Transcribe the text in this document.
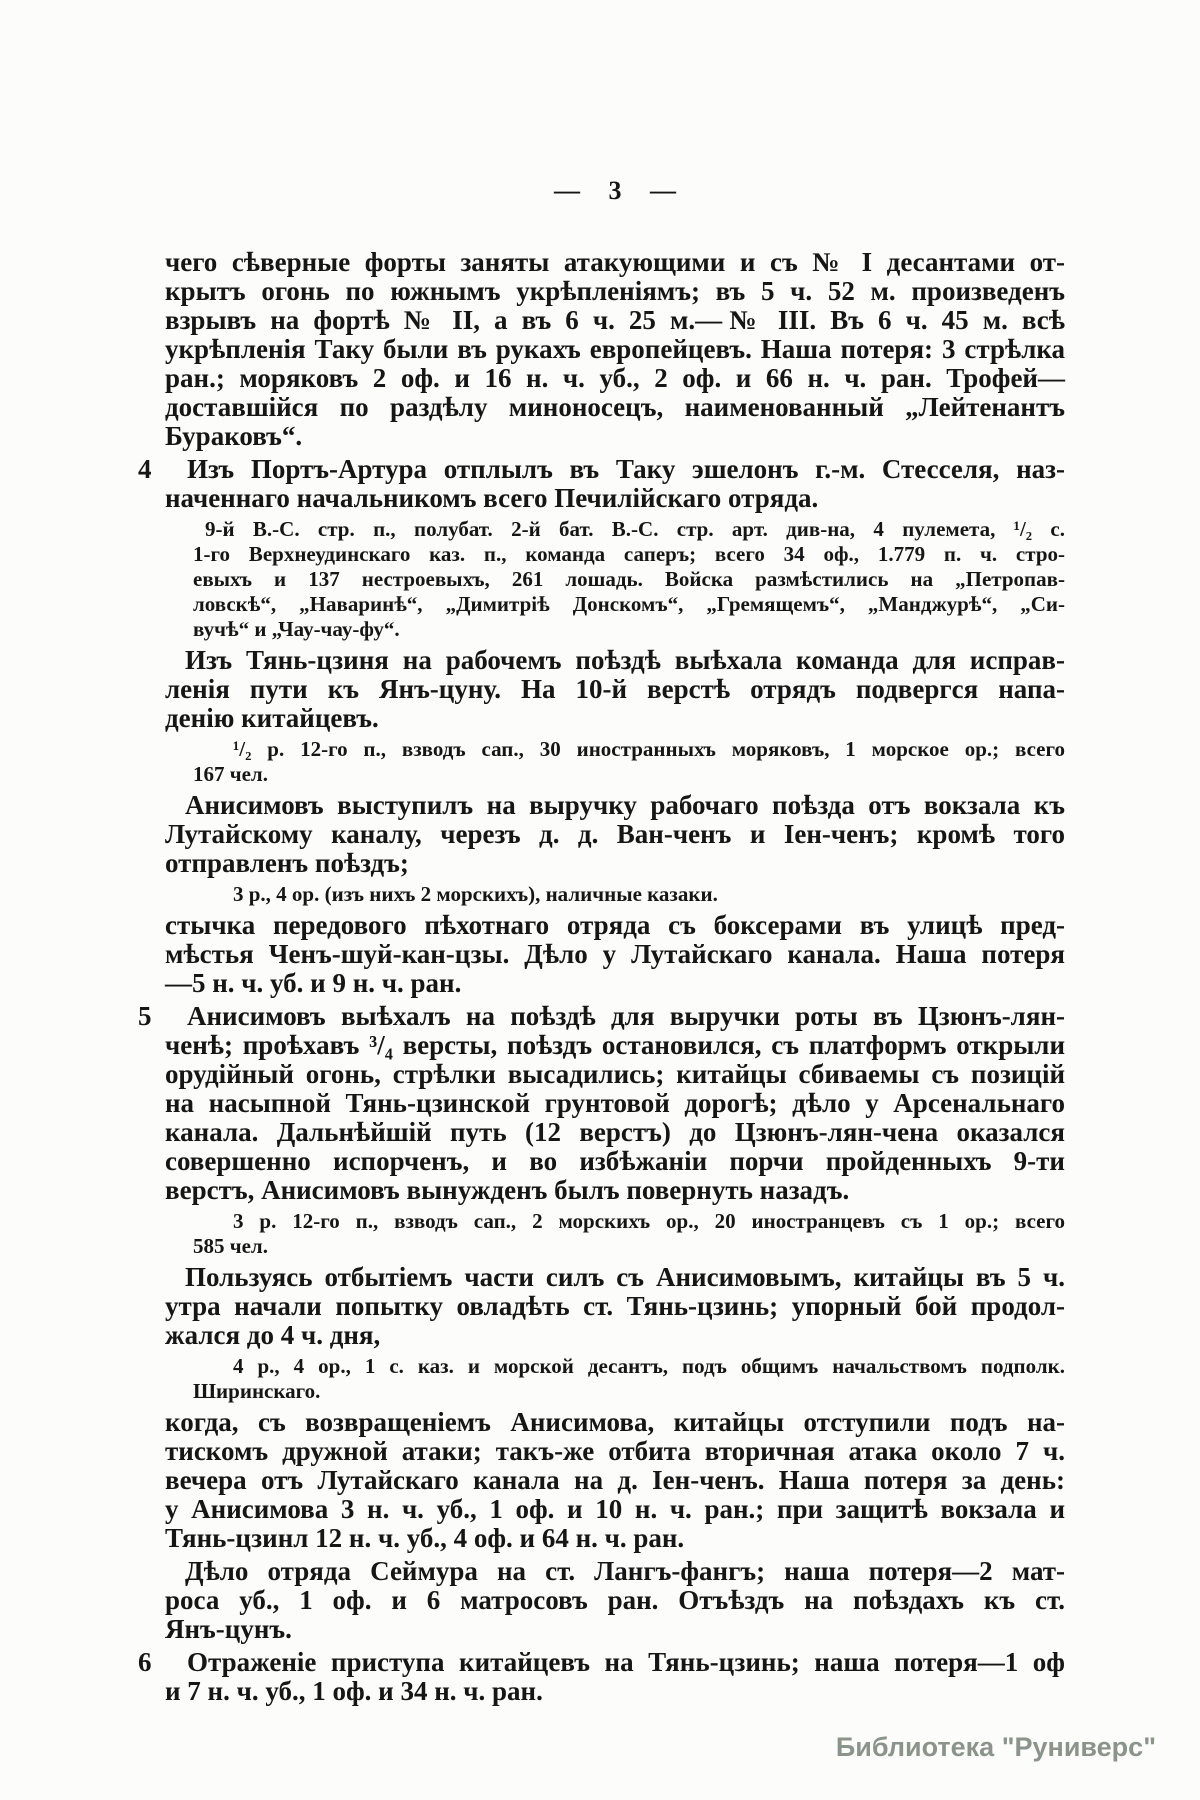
— 3 —
чего сѣверные форты заняты атакующими и съ № I десантами от-
крытъ огонь по южнымъ укрѣпленіямъ; въ 5 ч. 52 м. произведенъ
взрывъ на фортѣ № II, а въ 6 ч. 25 м.—№ III. Въ 6 ч. 45 м. всѣ
укрѣпленія Таку были въ рукахъ европейцевъ. Наша потеря: 3 стрѣлка
ран.; моряковъ 2 оф. и 16 н. ч. уб., 2 оф. и 66 н. ч. ран. Трофей—
доставшійся по раздѣлу миноносецъ, наименованный „Лейтенантъ
Бураковъ“.
4 Изъ Портъ-Артура отплылъ въ Таку эшелонъ г.-м. Стесселя, наз-
наченнаго начальникомъ всего Печилійскаго отряда.
9-й В.-С. стр. п., полубат. 2-й бат. В.-С. стр. арт. див-на, 4 пулемета, ¹/₂ с.
1-го Верхнеудинскаго каз. п., команда саперъ; всего 34 оф., 1.779 п. ч. стро-
евыхъ и 137 нестроевыхъ, 261 лошадь. Войска размѣстились на „Петропав-
ловскѣ“, „Наваринѣ“, „Димитріѣ Донскомъ“, „Гремящемъ“, „Манджурѣ“, „Си-
вучѣ“ и „Чау-чау-фу“.
Изъ Тянь-цзиня на рабочемъ поѣздѣ выѣхала команда для исправ-
ленія пути къ Янъ-цуну. На 10-й верстѣ отрядъ подвергся напа-
денію китайцевъ.
¹/₂ р. 12-го п., взводъ сап., 30 иностранныхъ моряковъ, 1 морское ор.; всего
167 чел.
Анисимовъ выступилъ на выручку рабочаго поѣзда отъ вокзала къ
Лутайскому каналу, черезъ д. д. Ван-ченъ и Іен-ченъ; кромѣ того
отправленъ поѣздъ;
3 р., 4 ор. (изъ нихъ 2 морскихъ), наличные казаки.
стычка передового пѣхотнаго отряда съ боксерами въ улицѣ пред-
мѣстья Ченъ-шуй-кан-цзы. Дѣло у Лутайскаго канала. Наша потеря
—5 н. ч. уб. и 9 н. ч. ран.
5 Анисимовъ выѣхалъ на поѣздѣ для выручки роты въ Цзюнъ-лян-
ченѣ; проѣхавъ ³/₄ версты, поѣздъ остановился, съ платформъ открыли
орудійный огонь, стрѣлки высадились; китайцы сбиваемы съ позицій
на насыпной Тянь-цзинской грунтовой дорогѣ; дѣло у Арсенальнаго
канала. Дальнѣйшій путь (12 верстъ) до Цзюнъ-лян-чена оказался
совершенно испорченъ, и во избѣжаніи порчи пройденныхъ 9-ти
верстъ, Анисимовъ вынужденъ былъ повернуть назадъ.
3 р. 12-го п., взводъ сап., 2 морскихъ ор., 20 иностранцевъ съ 1 ор.; всего
585 чел.
Пользуясь отбытіемъ части силъ съ Анисимовымъ, китайцы въ 5 ч.
утра начали попытку овладѣть ст. Тянь-цзинь; упорный бой продол-
жался до 4 ч. дня,
4 р., 4 ор., 1 с. каз. и морской десантъ, подъ общимъ начальствомъ подполк.
Ширинскаго.
когда, съ возвращеніемъ Анисимова, китайцы отступили подъ на-
тискомъ дружной атаки; такъ-же отбита вторичная атака около 7 ч.
вечера отъ Лутайскаго канала на д. Іен-ченъ. Наша потеря за день:
у Анисимова 3 н. ч. уб., 1 оф. и 10 н. ч. ран.; при защитѣ вокзала и
Тянь-цзинл 12 н. ч. уб., 4 оф. и 64 н. ч. ран.
Дѣло отряда Сеймура на ст. Лангъ-фангъ; наша потеря—2 мат-
роса уб., 1 оф. и 6 матросовъ ран. Отъѣздъ на поѣздахъ къ ст.
Янъ-цунъ.
6 Отраженіе приступа китайцевъ на Тянь-цзинь; наша потеря—1 оф
и 7 н. ч. уб., 1 оф. и 34 н. ч. ран.
Библиотека "Руниверс"
